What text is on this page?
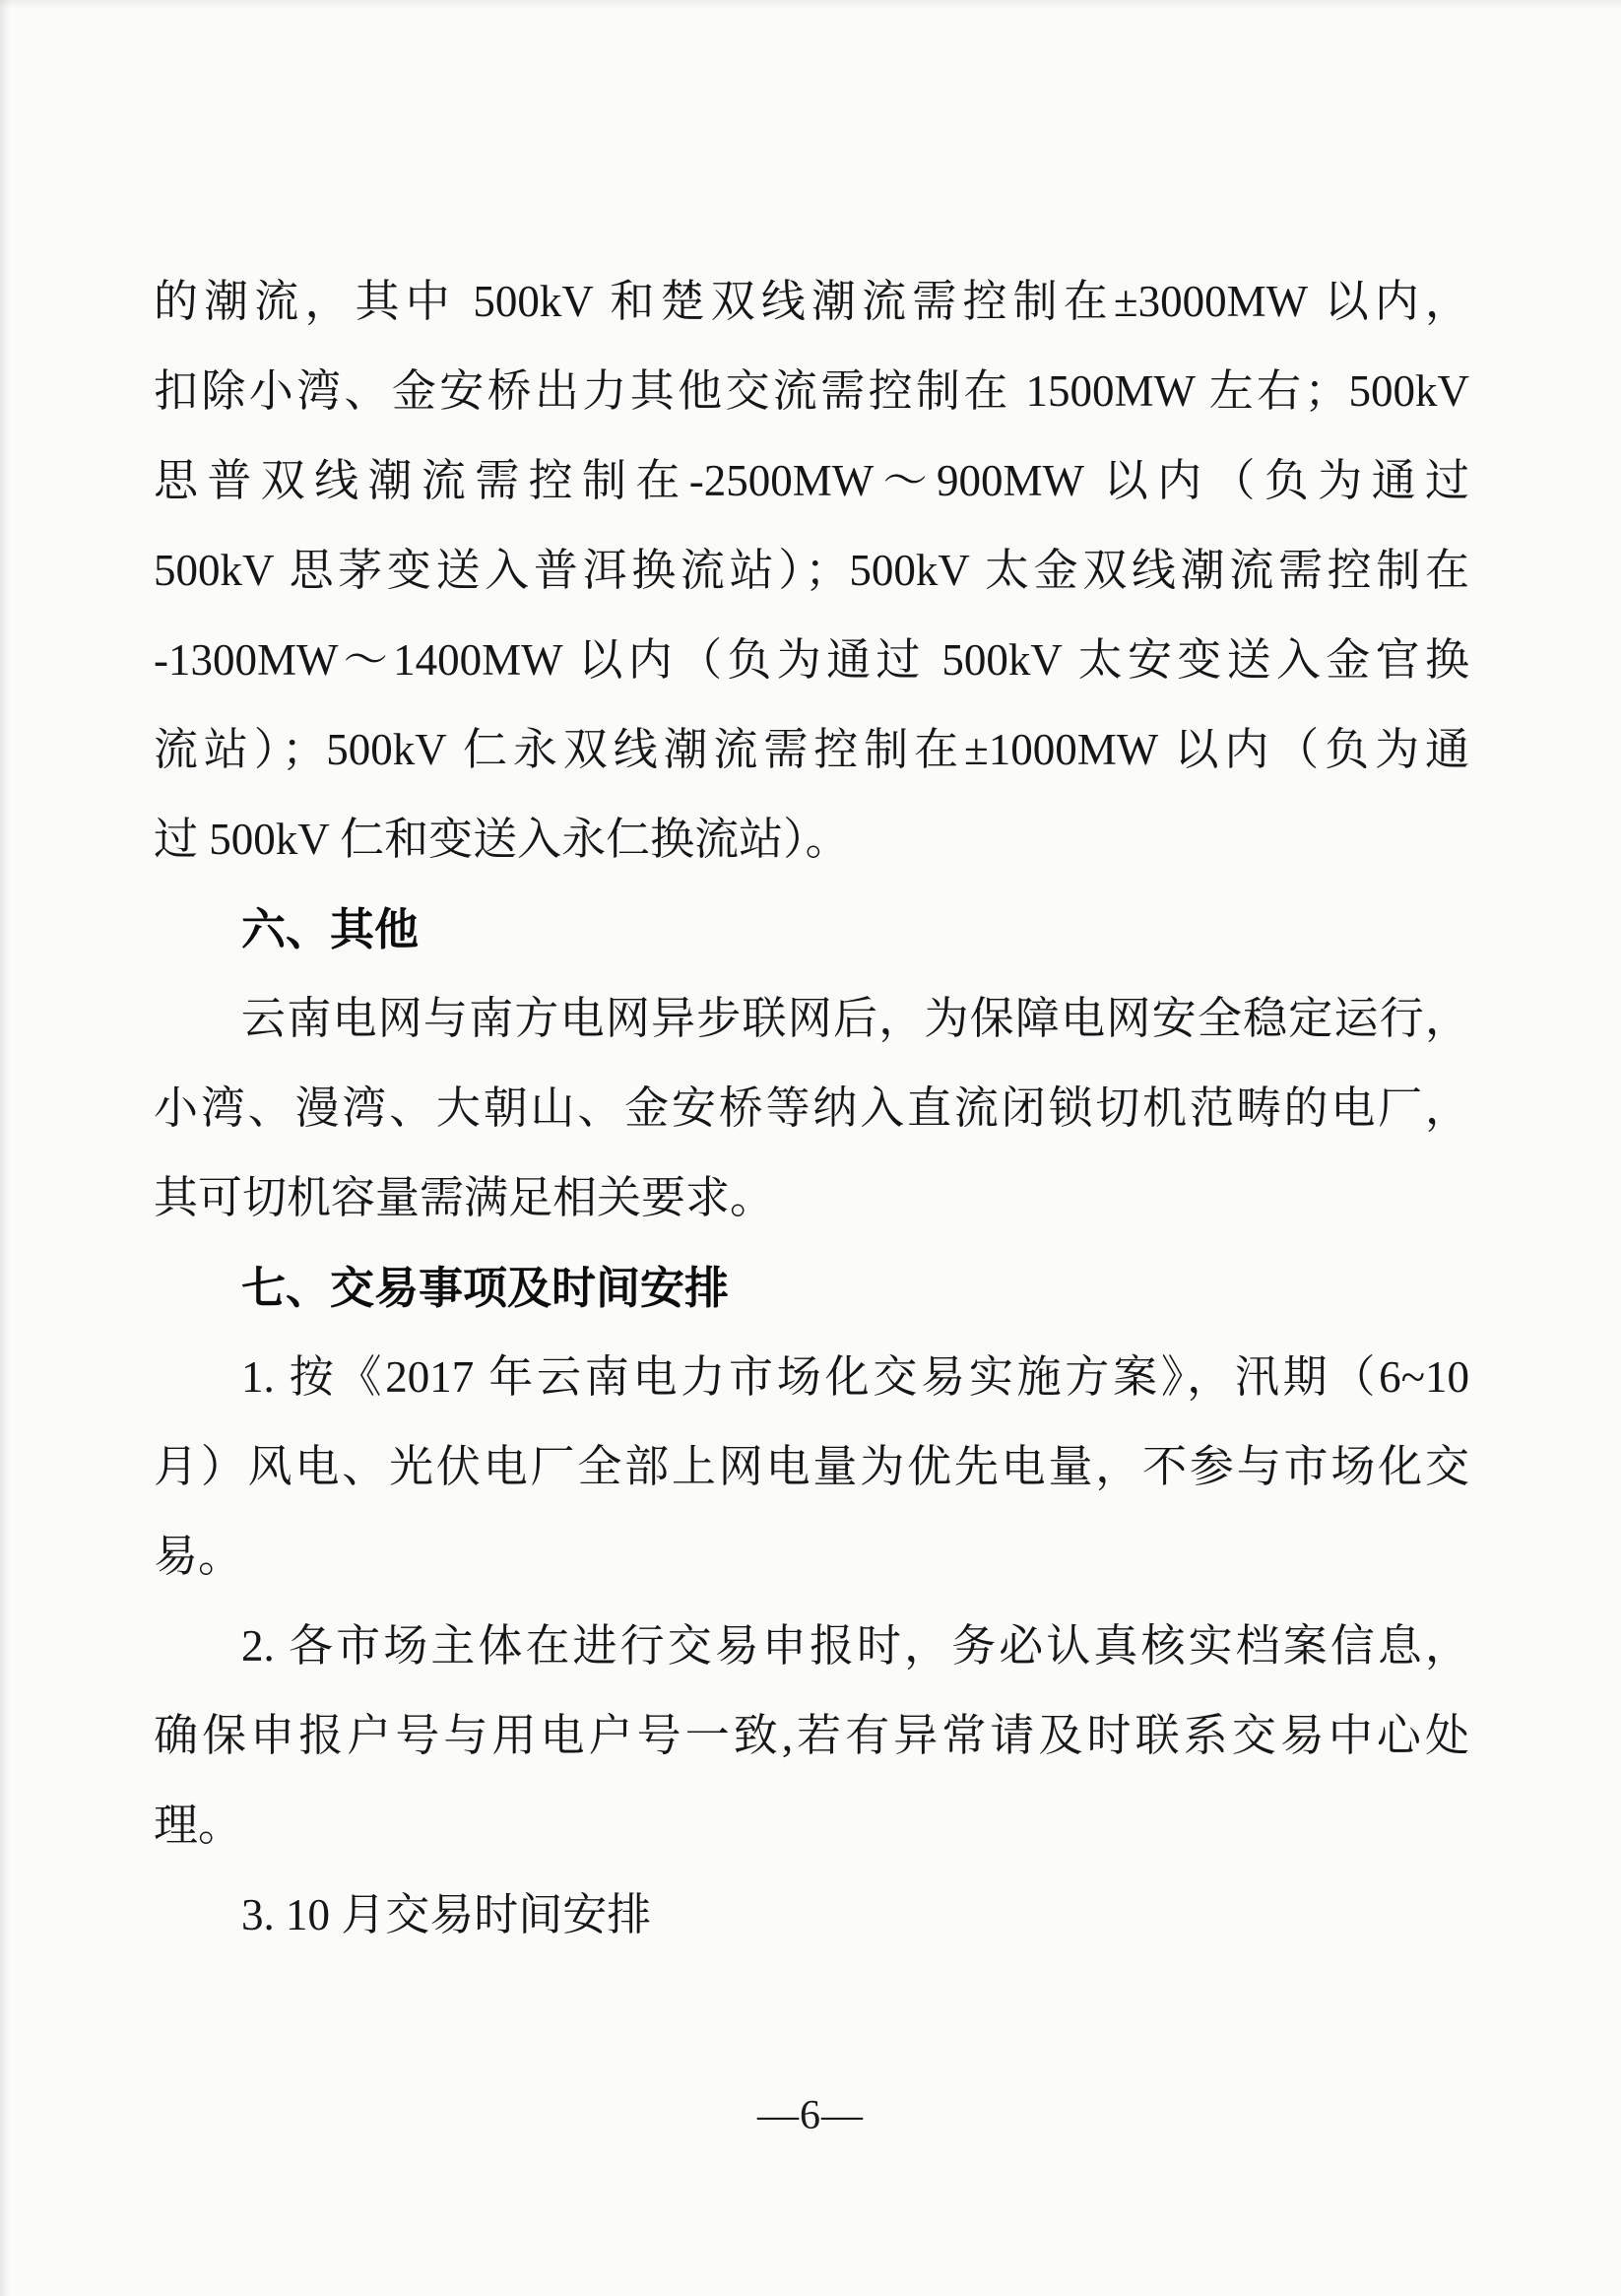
的潮流，其中 500kV 和楚双线潮流需控制在±3000MW 以内，
扣除小湾、金安桥出力其他交流需控制在 1500MW 左右；500kV
思普双线潮流需控制在-2500MW～900MW 以内（负为通过
500kV 思茅变送入普洱换流站）；500kV 太金双线潮流需控制在
-1300MW～1400MW 以内（负为通过 500kV 太安变送入金官换
流站）；500kV 仁永双线潮流需控制在±1000MW 以内（负为通
过 500kV 仁和变送入永仁换流站）。
六、其他
云南电网与南方电网异步联网后，为保障电网安全稳定运行，
小湾、漫湾、大朝山、金安桥等纳入直流闭锁切机范畴的电厂，
其可切机容量需满足相关要求。
七、交易事项及时间安排
1. 按《2017 年云南电力市场化交易实施方案》，汛期（6~10
月）风电、光伏电厂全部上网电量为优先电量，不参与市场化交
易。
2. 各市场主体在进行交易申报时，务必认真核实档案信息，
确保申报户号与用电户号一致,若有异常请及时联系交易中心处
理。
3. 10 月交易时间安排
—6—
